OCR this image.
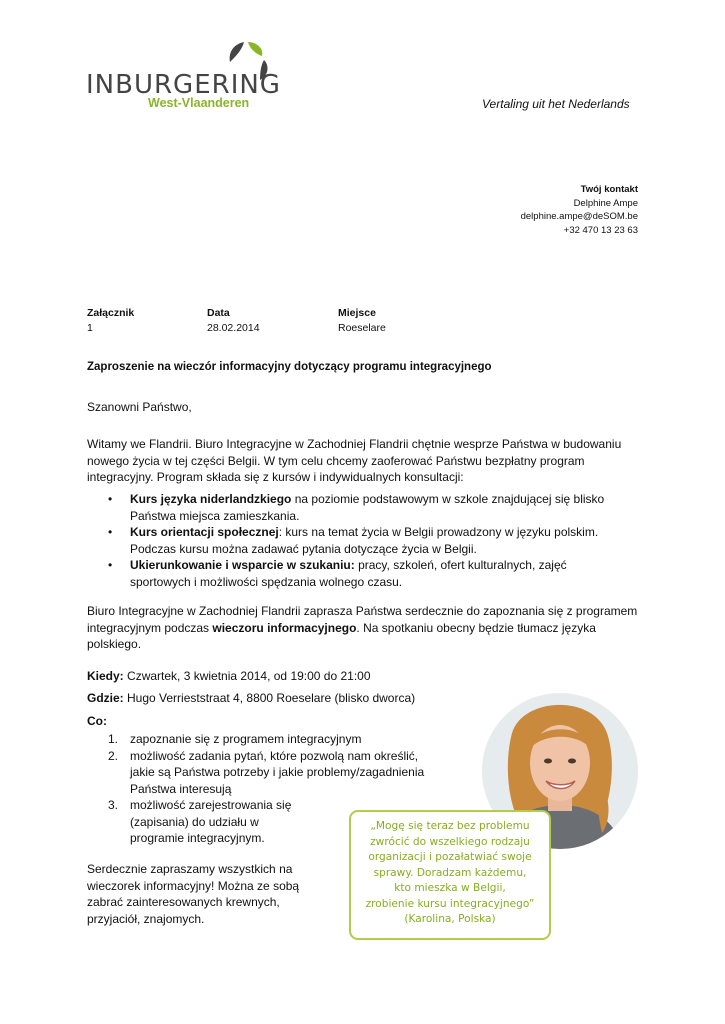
INBURGERING
West-Vlaanderen	Vertaling uit het Nederlands
Twój kontakt
Delphine Ampe
delphine.ampe@deSOM.be
+32 470 13 23 63
Załącznik
1
Data
28.02.2014
Miejsce
Roeselare
Zaproszenie na wieczór informacyjny dotyczący programu integracyjnego
Szanowni Państwo,
Witamy we Flandrii. Biuro Integracyjne w Zachodniej Flandrii chętnie wesprze Państwa w budowaniu nowego życia w tej części Belgii. W tym celu chcemy zaoferować Państwu bezpłatny program integracyjny. Program składa się z kursów i indywidualnych konsultacji:
• Kurs języka niderlandzkiego na poziomie podstawowym w szkole znajdującej się blisko Państwa miejsca zamieszkania.
• Kurs orientacji społecznej: kurs na temat życia w Belgii prowadzony w języku polskim. Podczas kursu można zadawać pytania dotyczące życia w Belgii.
• Ukierunkowanie i wsparcie w szukaniu: pracy, szkoleń, ofert kulturalnych, zajęć sportowych i możliwości spędzania wolnego czasu.
Biuro Integracyjne w Zachodniej Flandrii zaprasza Państwa serdecznie do zapoznania się z programem integracyjnym podczas wieczoru informacyjnego. Na spotkaniu obecny będzie tłumacz języka polskiego.
Kiedy: Czwartek, 3 kwietnia 2014, od 19:00 do 21:00
Gdzie: Hugo Verrieststraat 4, 8800 Roeselare (blisko dworca)
Co:
1. zapoznanie się z programem integracyjnym
2. możliwość zadania pytań, które pozwolą nam określić, jakie są Państwa potrzeby i jakie problemy/zagadnienia Państwa interesują
3. możliwość zarejestrowania się (zapisania) do udziału w programie integracyjnym.
Serdecznie zapraszamy wszystkich na wieczorek informacyjny! Można ze sobą zabrać zainteresowanych krewnych, przyjaciół, znajomych.
„Mogę się teraz bez problemu
zwrócić do wszelkiego rodzaju
organizacji i pozałatwiać swoje
sprawy. Doradzam każdemu,
kto mieszka w Belgii,
zrobienie kursu integracyjnego”
(Karolina, Polska)
